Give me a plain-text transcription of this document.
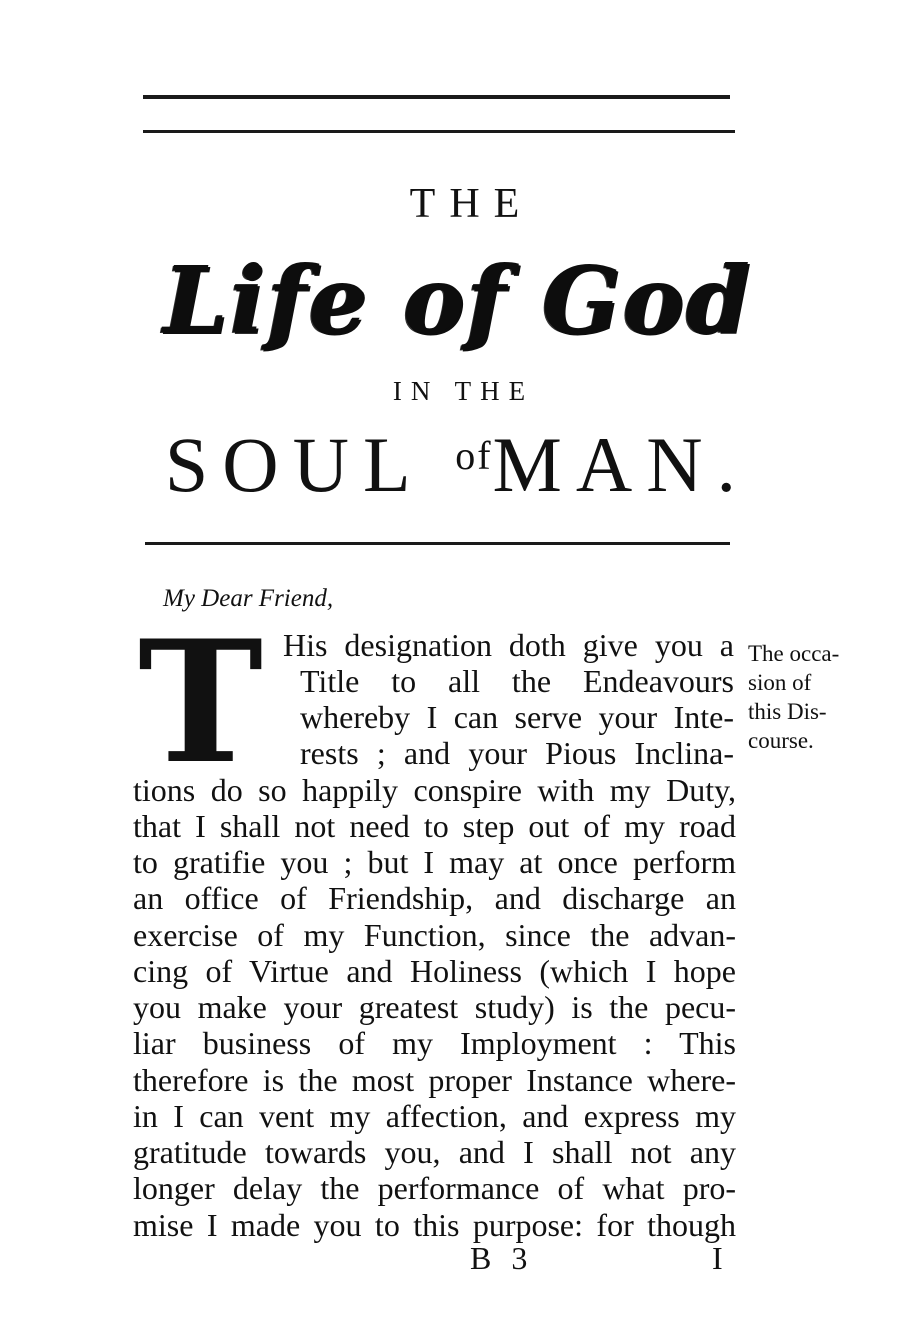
THE
Life of God
IN THE
SOUL $^{of}$MAN.
My Dear Friend,
T His designation doth give you a
Title to all the Endeavours
whereby I can serve your Inte-
rests ; and your Pious Inclina-
tions do so happily conspire with my Duty,
that I shall not need to step out of my road
to gratifie you ; but I may at once perform
an office of Friendship, and discharge an
exercise of my Function, since the advan-
cing of Virtue and Holiness (which I hope
you make your greatest study) is the pecu-
liar business of my Imployment : This
therefore is the most proper Instance where-
in I can vent my affection, and express my
gratitude towards you, and I shall not any
longer delay the performance of what pro-
mise I made you to this purpose: for though
The occa-
sion of
this Dis-
course.
B 3	I
